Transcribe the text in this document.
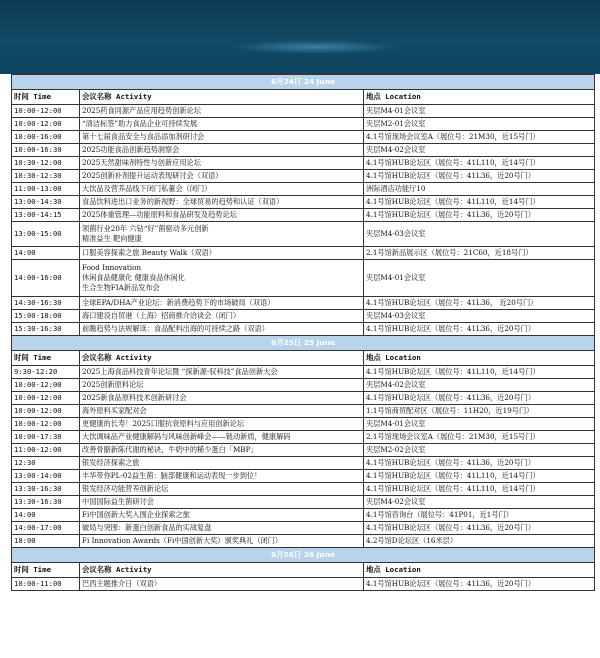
6月24日 24 June		
时间 Time	会议名称 Activity	地点 Location
10:00-12:00	2025药食同源产品应用趋势创新论坛	夹层M4-01会议室
10:00-12:00	“清洁标签”助力食品企业可持续发展	夹层M2-01会议室
10:00-16:00	第十七届食品安全与食品添加剂研讨会	4.1号馆现场会议室A（展位号：21M30，近15号门）
10:00-16:30	2025功能食品创新趋势洞察会	夹层M4-02会议室
10:30-12:00	2025天然甜味剂特性与创新应用论坛	4.1号馆HUB论坛区（展位号：41L110，近14号门）
10:30-12:30	2025创新补剂提升运动表现研讨会（双语）	4.1号馆HUB论坛区（展位号：41L36，近20号门）
11:00-13:00	大饮品及营养品线下闭门私董会（闭门）	洲际酒店功能厅10
13:00-14:30	食品饮料进出口业务的新视野：全球贸易的趋势和认证（双语）	4.1号馆HUB论坛区（展位号：41L110，近14号门）
13:00-14:15	2025体重管理—功能原料和食品研发及趋势论坛	4.1号馆HUB论坛区（展位号：41L36，近20号门）
13:00-15:00	领菌行业20年 六钻“好”菌驱动多元创新
精准益生 靶向健康	夹层M4-03会议室
14:00	口服美容探索之旅 Beauty Walk（双语）	2.1号馆新品展示区（展位号：21C60，近18号门）
14:00-16:00	Food Innovation
休闲食品健康化 健康食品休闲化
生合生物FIA新品发布会	夹层M4-01会议室
14:30-16:30	全球EPA/DHA产业论坛：新消费趋势下的市场破局（双语）	4.1号馆HUB论坛区（展位号：41L36， 近20号门）
15:00-18:00	海口建设自贸港（上海）招商推介洽谈会（闭门）	夹层M4-03会议室
15:30-16:30	前瞻趋势与法规解读：食品配料出海的可持续之路（双语）	4.1号馆HUB论坛区（展位号：41L36，近20号门）
6月25日 25 June		
时间 Time	会议名称 Activity	地点 Location
9:30-12:20	2025上海食品科技青年论坛暨 “探新源·驭科技”食品创新大会	4.1号馆HUB论坛区（展位号：41L110，近14号门）
10:00-12:00	2025创新原料论坛	夹层M4-02会议室
10:00-12:00	2025新食品原料技术创新研讨会	4.1号馆HUB论坛区（展位号：41L36，近20号门）
10:00-12:00	海外原料买家配对会	1.1号馆商贸配对区（展位号：11H20，近19号门）
10:00-12:00	更健康的长寿！2025口服抗衰原料与应用创新论坛	夹层M4-01会议室
10:00-17:30	大饮调味品产业健康解码与风味创新峰会——链动新质，健康解码	2.1号馆现场会议室A（展位号：21M30，近15号门）
11:00-12:00	改善骨骼新陈代谢的秘诀，牛奶中的稀少蛋白「MBP」	夹层M2-02会议室
12:30	银发经济探索之旅	4.1号馆HUB论坛区（展位号：41L36，近20号门）
13:00-14:00	丰华带你PL-02益生菌：脑部健康和运动表现一步到位！	4.1号馆HUB论坛区（展位号：41L110，近14号门）
13:30-16:30	银发经济功能营养创新论坛	4.1号馆HUB论坛区（展位号：41L110，近14号门）
13:30-16:30	中国国际益生菌研讨会	夹层M4-02会议室
14:00	Fi中国创新大奖入围企业探索之旅	4.1号馆咨询台（展位号：41P01，近1号门）
14:00-17:00	破局与突围：新蛋白创新食品的实战复盘	4.1号馆HUB论坛区（展位号：41L36，近20号门）
18:00	Fi Innovation Awards（Fi中国创新大奖）颁奖典礼（闭门）	4.2号馆D论坛区（16米层）
6月26日 26 June		
时间 Time	会议名称 Activity	地点 Location
10:00-11:00	巴西主题推介日（双语）	4.1号馆HUB论坛区（展位号：41L36，近20号门）
